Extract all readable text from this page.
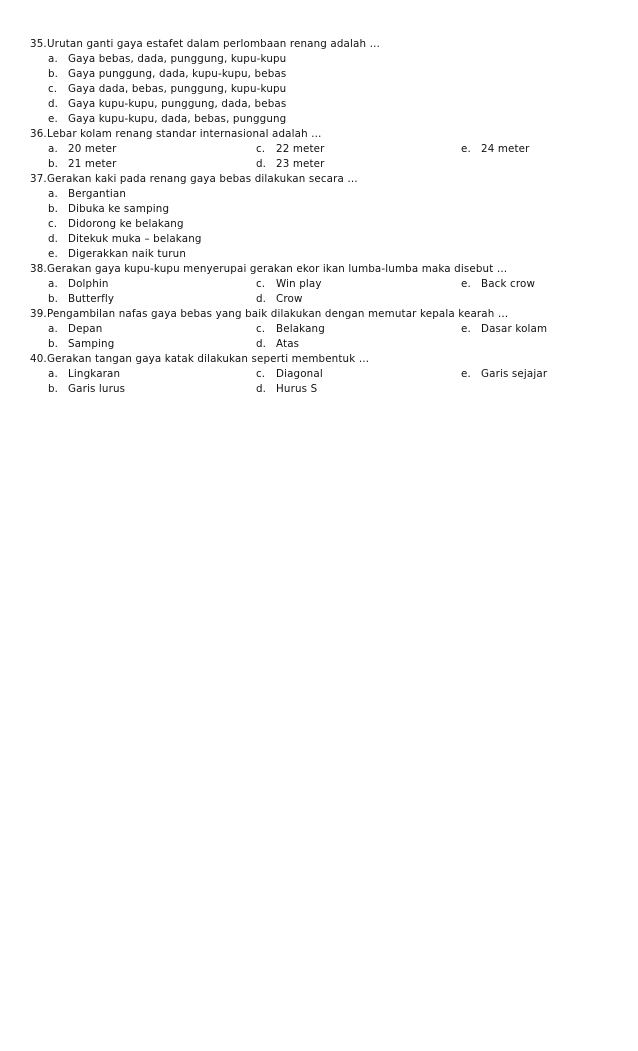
35.Urutan ganti gaya estafet dalam perlombaan renang adalah …
a. Gaya bebas, dada, punggung, kupu-kupu
b. Gaya punggung, dada, kupu-kupu, bebas
c. Gaya dada, bebas, punggung, kupu-kupu
d. Gaya kupu-kupu, punggung, dada, bebas
e. Gaya kupu-kupu, dada, bebas, punggung
36.Lebar kolam renang standar internasional adalah …
a. 20 meter	c. 22 meter	e. 24 meter
b. 21 meter	d. 23 meter
37.Gerakan kaki pada renang gaya bebas dilakukan secara …
a. Bergantian
b. Dibuka ke samping
c. Didorong ke belakang
d. Ditekuk muka – belakang
e. Digerakkan naik turun
38.Gerakan gaya kupu-kupu menyerupai gerakan ekor ikan lumba-lumba maka disebut …
a. Dolphin	c. Win play	e. Back crow
b. Butterfly	d. Crow
39.Pengambilan nafas gaya bebas yang baik dilakukan dengan memutar kepala kearah …
a. Depan	c. Belakang	e. Dasar kolam
b. Samping	d. Atas
40.Gerakan tangan gaya katak dilakukan seperti membentuk …
a. Lingkaran	c. Diagonal	e. Garis sejajar
b. Garis lurus	d. Hurus S
